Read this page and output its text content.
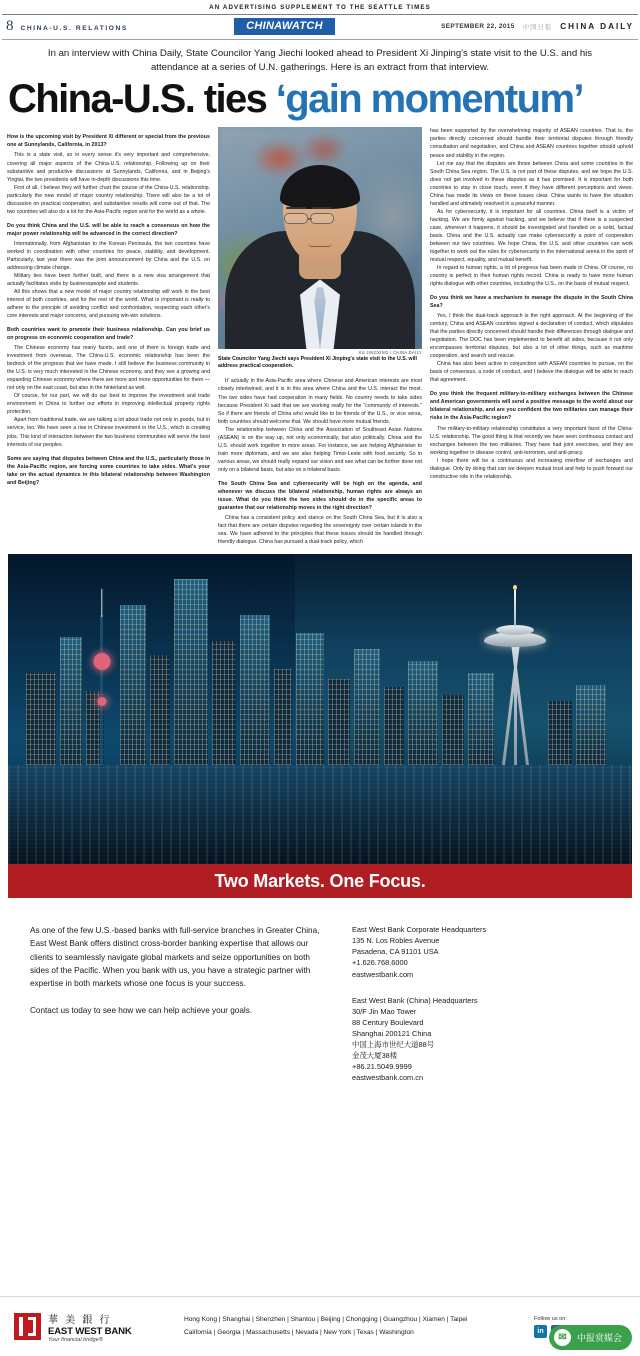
AN ADVERTISING SUPPLEMENT TO THE SEATTLE TIMES
8 CHINA-U.S. RELATIONS	CHINAWATCH	SEPTEMBER 22, 2015 中国日报 CHINA DAILY
In an interview with China Daily, State Councilor Yang Jiechi looked ahead to President Xi Jinping's state visit to the U.S. and his attendance at a series of U.N. gatherings. Here is an extract from that interview.
China-U.S. ties ‘gain momentum’

How is the upcoming visit by President Xi different or special from the previous one at Sunnylands, California, in 2013?

This is a state visit, so in every sense it's very important and comprehensive, covering all major aspects of the China-U.S. relationship. Following up on their substantive and productive discussions at Sunnylands, California, and in Beijing's Yingtai, the two presidents will have in-depth discussions this time.

First of all, I believe they will further chart the course of the China-U.S. relationship, particularly the new model of major country relationship. There will also be a lot of discussion on practical cooperation, and substantive results will come out of that. The two countries will also do a lot for the Asia-Pacific region and for the world as a whole.

Do you think China and the U.S. will be able to reach a consensus on how the major power relationship will be advanced in the correct direction?

Internationally, from Afghanistan to the Korean Peninsula, the two countries have worked in coordination with other countries for peace, stability, and development. Particularly, last year there was the joint announcement by China and the U.S. on addressing climate change.

Military ties have been further built, and there is a new visa arrangement that actually facilitates visits by businesspeople and students.

All this shows that a new model of major country relationship will work in the best interest of both countries, and for the rest of the world. What is important is really to adhere to the principle of avoiding conflict and confrontation, respecting each other's core interests and major concerns, and pursuing win-win solutions.

Both countries want to promote their business relationship. Can you brief us on progress on economic cooperation and trade?

The Chinese economy has many facets, and one of them is foreign trade and investment from overseas. The China-U.S. economic relationship has been the bedrock of the progress that we have made. I still believe the business community in the U.S. is very much interested in the Chinese economy, and they see a growing and expanding Chinese economy where there are more and more opportunities for them — not only on the east coast, but also in the hinterland as well.

Of course, for our part, we will do our best to improve the investment and trade environment in China to further our efforts in improving intellectual property rights protection.

Apart from traditional trade, we are talking a lot about trade not only in goods, but in service, too. We have seen a rise in Chinese investment in the U.S., which is creating jobs. This kind of interaction between the two business communities will serve the best interests of our peoples.

Some are saying that disputes between China and the U.S., particularly those in the Asia-Pacific region, are forcing some countries to take sides. What's your take on the actual dynamics in this bilateral relationship between Washington and Beijing?

XU JINGXING / CHINA DAILY
State Councilor Yang Jiechi says President Xi Jinping's state visit to the U.S. will address practical cooperation.

It' actually in the Asia-Pacific area where Chinese and American interests are most closely intertwined, and it is in this area where China and the U.S. interact the most. The two sides have had cooperation in many fields. No country needs to take sides because President Xi said that we are working really for the “community of interests.” So if there are friends of China who would like to be friends of the U.S., or vice versa, both countries should welcome that. We should have more mutual friends.

The relationship between China and the Association of Southeast Asian Nations (ASEAN) is on the way up, not only economically, but also politically. China and the U.S. should work together in more areas. For instance, we are helping Afghanistan to train more diplomats, and we are also helping Timor-Leste with food security. So in various areas, we should really expand our vision and see what can be further done not only on a bilateral basis, but also on a trilateral basis.

The South China Sea and cybersecurity will be high on the agenda, and whenever we discuss the bilateral relationship, human rights are always an issue. What do you think the two sides should do in the specific areas to guarantee that our relationship moves in the right direction?

China has a consistent policy and stance on the South China Sea, but it is also a fact that there are certain disputes regarding the sovereignty over certain islands in the sea. We have adhered to the principles that these issues should be handled through friendly dialogue. China has pursued a dual-track policy, which

has been supported by the overwhelming majority of ASEAN countries. That is, the parties directly concerned should handle their territorial disputes through friendly consultation and negotiation, and China and ASEAN countries together should uphold peace and stability in the region.

Let me say that the disputes are those between China and some countries in the South China Sea region. The U.S. is not part of these disputes, and we hope the U.S. does not get involved in these disputes as it has promised. It is important for both countries to stay in close touch, even if they have different perceptions and views. China has made its views on these issues clear. China wants to have the situation handled and ultimately resolved in a peaceful manner.

As for cybersecurity, it is important for all countries. China itself is a victim of hacking. We are firmly against hacking, and we believe that if there is a suspected case, wherever it happens, it should be investigated and handled on a solid, factual basis. China and the U.S. actually can make cybersecurity a point of cooperation between our two countries. We hope China, the U.S. and other countries can work together to work out the rules for cybersecurity in the international arena in the spirit of mutual respect, equality, and mutual benefit.

In regard to human rights, a lot of progress has been made in China. Of course, no country is perfect in their human rights record. China is ready to have more human rights dialogue with other countries, including the U.S., on the basis of mutual respect.

Do you think we have a mechanism to manage the dispute in the South China Sea?

Yes, I think the dual-track approach is the right approach. At the beginning of the century, China and ASEAN countries signed a declaration of conduct, which stipulates that the parties directly concerned should handle their differences through dialogue and negotiation. The DOC has been implemented to benefit all sides, because it not only encompasses territorial disputes, but also a lot of other things, such as maritime cooperation, and search and rescue.

China has also been active in conjunction with ASEAN countries to pursue, on the basis of consensus, a code of conduct, and I believe the dialogue will be able to reach that agreement.

Do you think the frequent military-to-military exchanges between the Chinese and American governments will send a positive message to the world about our bilateral relationship, and are you confident the two militaries can manage their risks in the Asia-Pacific region?

The military-to-military relationship constitutes a very important facet of the China-U.S. relationship. The good thing is that recently we have seen continuous contact and exchanges between the two militaries. They have had joint exercises, and they are working together in disease control, anti-terrorism, and anti-piracy.

I hope there will be a continuous and increasing interflow of exchanges and dialogue. Only by doing that can we deepen mutual trust and help to push forward our constructive role in the relationship.

Two Markets. One Focus.

As one of the few U.S.-based banks with full-service branches in Greater China, East West Bank offers distinct cross-border banking expertise that allows our clients to seamlessly navigate global markets and seize opportunities on both sides of the Pacific. When you bank with us, you have a strategic partner with expertise in both markets whose one focus is your success.

Contact us today to see how we can help achieve your goals.

East West Bank Corporate Headquarters
135 N. Los Robles Avenue
Pasadena, CA 91101 USA
+1.626.768.6000
eastwestbank.com
East West Bank (China) Headquarters
30/F Jin Mao Tower
88 Century Boulevard
Shanghai 200121 China
中国上海市世纪大道88号
金茂大厦38楼
+86.21.5049.9999
eastwestbank.com.cn
華 美 銀 行
EAST WEST BANK
Your financial bridge®
Hong Kong | Shanghai | Shenzhen | Shantou | Beijing | Chongqing | Guangzhou | Xiamen | Taipei
California | Georgia | Massachusetts | Nevada | New York | Texas | Washington
Follow us on:
in
✉	中报赏媒会
